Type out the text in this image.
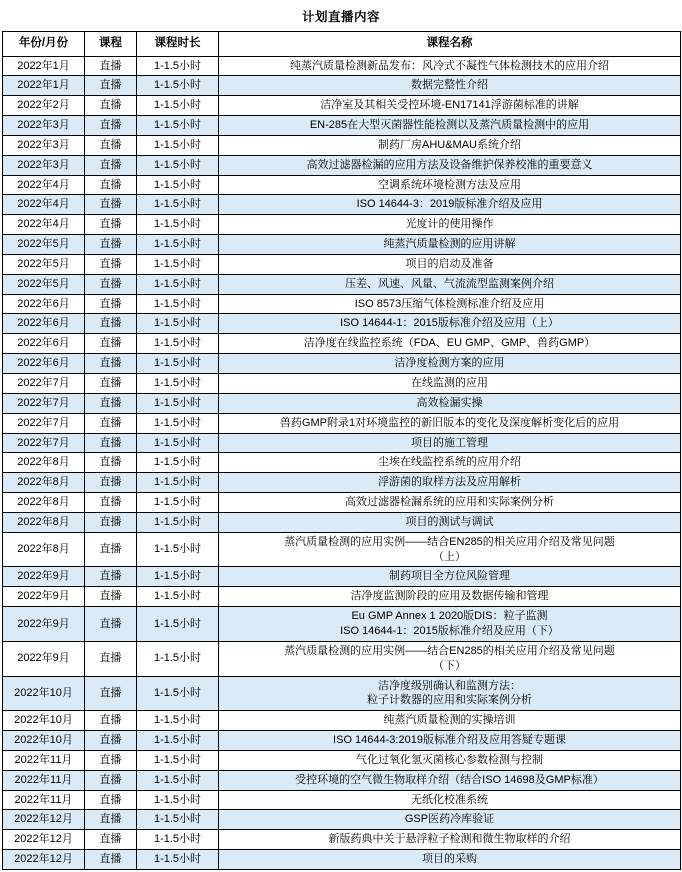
计划直播内容
年份/月份	课程	课程时长	课程名称
2022年1月	直播	1-1.5小时	纯蒸汽质量检测新品发布：风冷式不凝性气体检测技术的应用介绍

2022年1月	直播	1-1.5小时	数据完整性介绍

2022年2月	直播	1-1.5小时	洁净室及其相关受控环境-EN17141浮游菌标准的讲解

2022年3月	直播	1-1.5小时	EN-285在大型灭菌器性能检测以及蒸汽质量检测中的应用

2022年3月	直播	1-1.5小时	制药厂房AHU&MAU系统介绍

2022年3月	直播	1-1.5小时	高效过滤器检漏的应用方法及设备维护保养校准的重要意义

2022年4月	直播	1-1.5小时	空调系统环境检测方法及应用

2022年4月	直播	1-1.5小时	ISO 14644-3：2019版标准介绍及应用

2022年4月	直播	1-1.5小时	光度计的使用操作

2022年5月	直播	1-1.5小时	纯蒸汽质量检测的应用讲解

2022年5月	直播	1-1.5小时	项目的启动及准备

2022年5月	直播	1-1.5小时	压差、风速、风量、气流流型监测案例介绍

2022年6月	直播	1-1.5小时	ISO 8573压缩气体检测标准介绍及应用

2022年6月	直播	1-1.5小时	ISO 14644-1：2015版标准介绍及应用（上）

2022年6月	直播	1-1.5小时	洁净度在线监控系统（FDA、EU GMP、GMP、兽药GMP）

2022年6月	直播	1-1.5小时	洁净度检测方案的应用

2022年7月	直播	1-1.5小时	在线监测的应用

2022年7月	直播	1-1.5小时	高效检漏实操

2022年7月	直播	1-1.5小时	兽药GMP附录1对环境监控的新旧版本的变化及深度解析变化后的应用

2022年7月	直播	1-1.5小时	项目的施工管理

2022年8月	直播	1-1.5小时	尘埃在线监控系统的应用介绍

2022年8月	直播	1-1.5小时	浮游菌的取样方法及应用解析

2022年8月	直播	1-1.5小时	高效过滤器检漏系统的应用和实际案例分析

2022年8月	直播	1-1.5小时	项目的测试与调试

2022年8月	直播	1-1.5小时	蒸汽质量检测的应用实例——结合EN285的相关应用介绍及常见问题
（上）

2022年9月	直播	1-1.5小时	制药项目全方位风险管理

2022年9月	直播	1-1.5小时	洁净度监测阶段的应用及数据传输和管理

2022年9月	直播	1-1.5小时	Eu GMP Annex 1 2020版DIS：粒子监测
ISO 14644-1：2015版标准介绍及应用（下）

2022年9月	直播	1-1.5小时	蒸汽质量检测的应用实例——结合EN285的相关应用介绍及常见问题
（下）

2022年10月	直播	1-1.5小时	洁净度级别确认和监测方法：
粒子计数器的应用和实际案例分析

2022年10月	直播	1-1.5小时	纯蒸汽质量检测的实操培训

2022年10月	直播	1-1.5小时	ISO 14644-3:2019版标准介绍及应用答疑专题课

2022年11月	直播	1-1.5小时	气化过氧化氢灭菌核心参数检测与控制

2022年11月	直播	1-1.5小时	受控环境的空气微生物取样介绍（结合ISO 14698及GMP标准）

2022年11月	直播	1-1.5小时	无纸化校准系统

2022年12月	直播	1-1.5小时	GSP医药冷库验证

2022年12月	直播	1-1.5小时	新版药典中关于悬浮粒子检测和微生物取样的介绍

2022年12月	直播	1-1.5小时	项目的采购
